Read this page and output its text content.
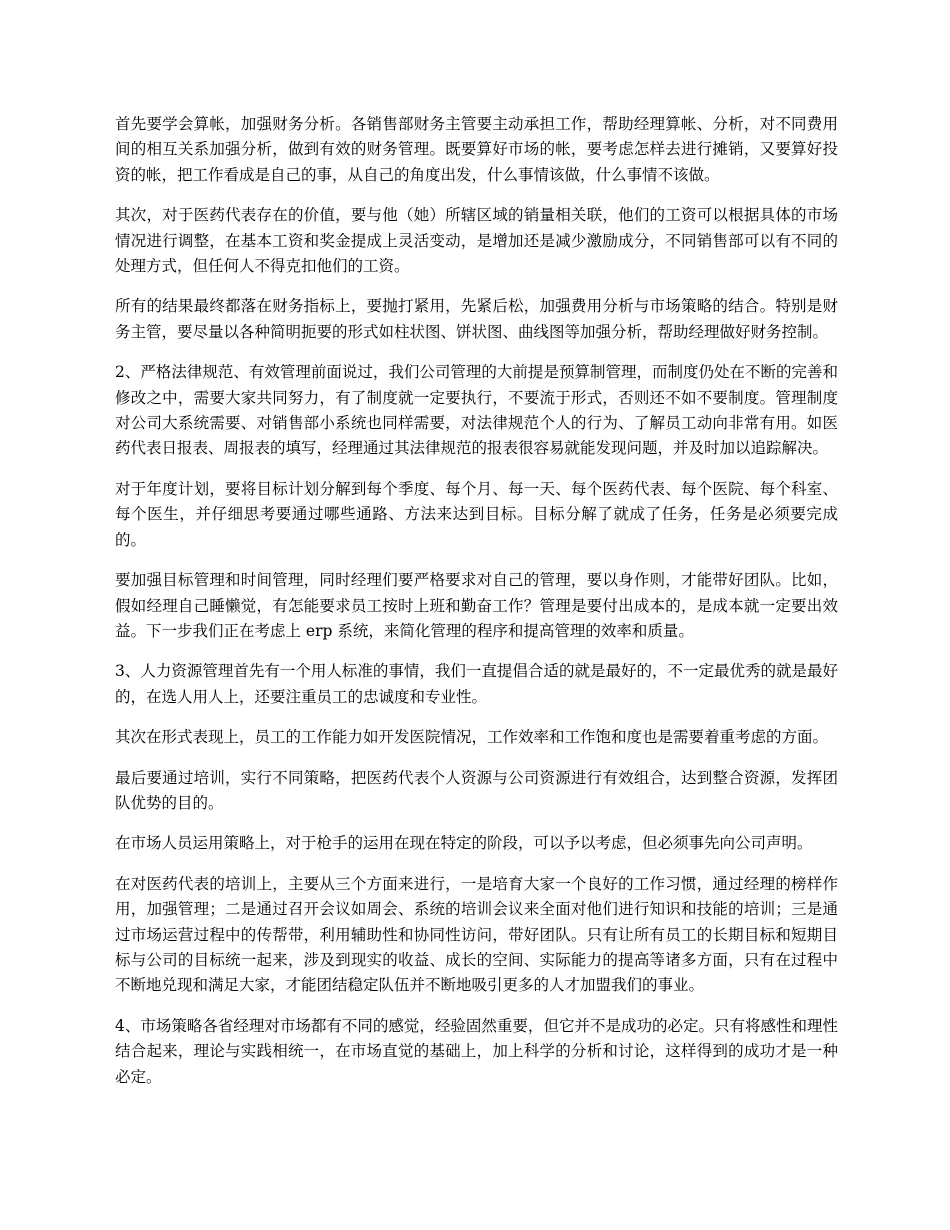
首先要学会算帐，加强财务分析。各销售部财务主管要主动承担工作，帮助经理算帐、分析，对不同费用间的相互关系加强分析，做到有效的财务管理。既要算好市场的帐，要考虑怎样去进行摊销，又要算好投资的帐，把工作看成是自己的事，从自己的角度出发，什么事情该做，什么事情不该做。

其次，对于医药代表存在的价值，要与他（她）所辖区域的销量相关联，他们的工资可以根据具体的市场情况进行调整，在基本工资和奖金提成上灵活变动，是增加还是减少激励成分，不同销售部可以有不同的处理方式，但任何人不得克扣他们的工资。

所有的结果最终都落在财务指标上，要抛打紧用，先紧后松，加强费用分析与市场策略的结合。特别是财务主管，要尽量以各种简明扼要的形式如柱状图、饼状图、曲线图等加强分析，帮助经理做好财务控制。

2、严格法律规范、有效管理前面说过，我们公司管理的大前提是预算制管理，而制度仍处在不断的完善和修改之中，需要大家共同努力，有了制度就一定要执行，不要流于形式，否则还不如不要制度。管理制度对公司大系统需要、对销售部小系统也同样需要，对法律规范个人的行为、了解员工动向非常有用。如医药代表日报表、周报表的填写，经理通过其法律规范的报表很容易就能发现问题，并及时加以追踪解决。

对于年度计划，要将目标计划分解到每个季度、每个月、每一天、每个医药代表、每个医院、每个科室、每个医生，并仔细思考要通过哪些通路、方法来达到目标。目标分解了就成了任务，任务是必须要完成的。

要加强目标管理和时间管理，同时经理们要严格要求对自己的管理，要以身作则，才能带好团队。比如，假如经理自己睡懒觉，有怎能要求员工按时上班和勤奋工作？管理是要付出成本的，是成本就一定要出效益。下一步我们正在考虑上 erp 系统，来简化管理的程序和提高管理的效率和质量。

3、人力资源管理首先有一个用人标准的事情，我们一直提倡合适的就是最好的，不一定最优秀的就是最好的，在选人用人上，还要注重员工的忠诚度和专业性。

其次在形式表现上，员工的工作能力如开发医院情况，工作效率和工作饱和度也是需要着重考虑的方面。

最后要通过培训，实行不同策略，把医药代表个人资源与公司资源进行有效组合，达到整合资源，发挥团队优势的目的。

在市场人员运用策略上，对于枪手的运用在现在特定的阶段，可以予以考虑，但必须事先向公司声明。

在对医药代表的培训上，主要从三个方面来进行，一是培育大家一个良好的工作习惯，通过经理的榜样作用，加强管理；二是通过召开会议如周会、系统的培训会议来全面对他们进行知识和技能的培训；三是通过市场运营过程中的传帮带，利用辅助性和协同性访问，带好团队。只有让所有员工的长期目标和短期目标与公司的目标统一起来，涉及到现实的收益、成长的空间、实际能力的提高等诸多方面，只有在过程中不断地兑现和满足大家，才能团结稳定队伍并不断地吸引更多的人才加盟我们的事业。

4、市场策略各省经理对市场都有不同的感觉，经验固然重要，但它并不是成功的必定。只有将感性和理性结合起来，理论与实践相统一，在市场直觉的基础上，加上科学的分析和讨论，这样得到的成功才是一种必定。
